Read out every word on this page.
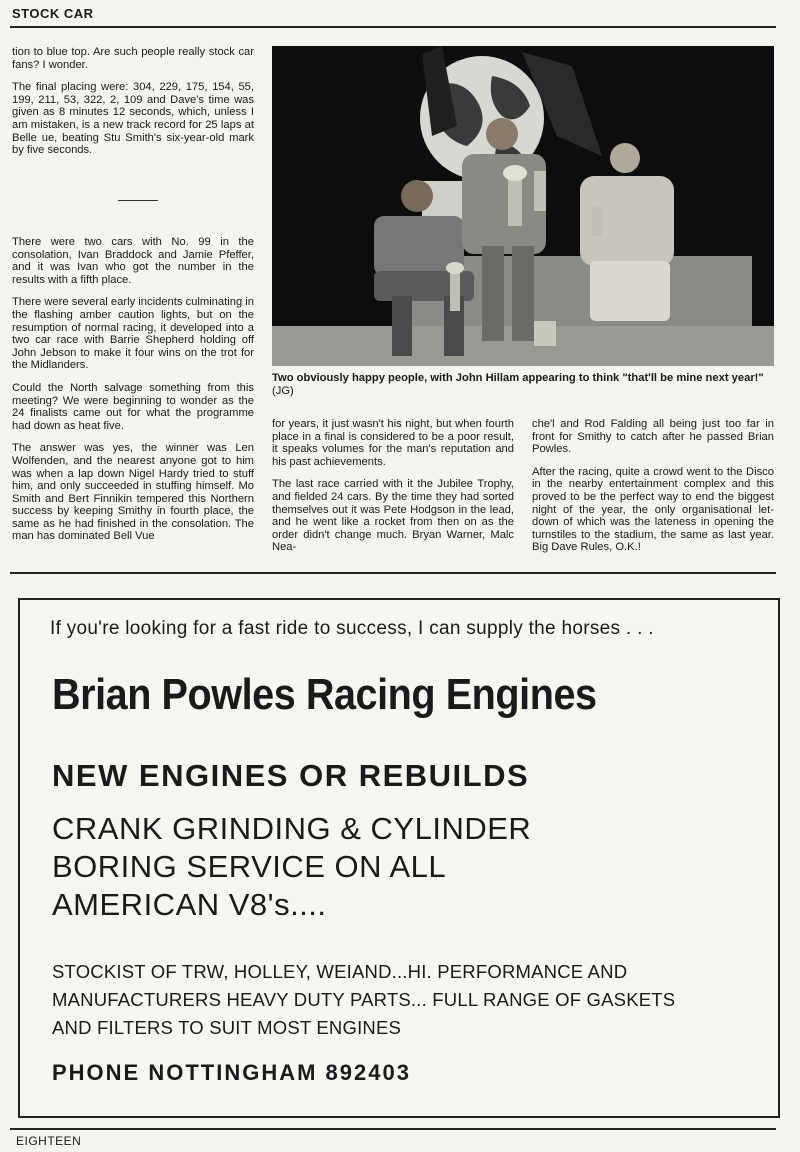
STOCK CAR

tion to blue top. Are such people really stock car fans? I wonder.

The final placing were: 304, 229, 175, 154, 55, 199, 211, 53, 322, 2, 109 and Dave's time was given as 8 minutes 12 seconds, which, unless I am mistaken, is a new track record for 25 laps at Belle ue, beating Stu Smith's six-year-old mark by five seconds.

There were two cars with No. 99 in the consolation, Ivan Braddock and Jamie Pfeffer, and it was Ivan who got the number in the results with a fifth place.

There were several early incidents culminating in the flashing amber caution lights, but on the resumption of normal racing, it developed into a two car race with Barrie Shepherd holding off John Jebson to make it four wins on the trot for the Midlanders.

Could the North salvage something from this meeting? We were beginning to wonder as the 24 finalists came out for what the programme had down as heat five.

The answer was yes, the winner was Len Wolfenden, and the nearest anyone got to him was when a lap down Nigel Hardy tried to stuff him, and only succeeded in stuffing himself. Mo Smith and Bert Finnikin tempered this Northern success by keeping Smithy in fourth place, the same as he had finished in the consolation. The man has dominated Bell Vue

Two obviously happy people, with John Hillam appearing to think "that'll be mine next year!" (JG)

for years, it just wasn't his night, but when fourth place in a final is considered to be a poor result, it speaks volumes for the man's reputation and his past achievements.

The last race carried with it the Jubilee Trophy, and fielded 24 cars. By the time they had sorted themselves out it was Pete Hodgson in the lead, and he went like a rocket from then on as the order didn't change much. Bryan Warner, Malc Nea-

che'l and Rod Falding all being just too far in front for Smithy to catch after he passed Brian Powles.

After the racing, quite a crowd went to the Disco in the nearby entertainment complex and this proved to be the perfect way to end the biggest night of the year, the only organisational let-down of which was the lateness in opening the turnstiles to the stadium, the same as last year. Big Dave Rules, O.K.!

If you're looking for a fast ride to success, I can supply the horses . . .
Brian Powles Racing Engines
NEW ENGINES OR REBUILDS
CRANK GRINDING & CYLINDER
BORING SERVICE ON ALL
AMERICAN V8's....
STOCKIST OF TRW, HOLLEY, WEIAND...HI. PERFORMANCE AND
MANUFACTURERS HEAVY DUTY PARTS... FULL RANGE OF GASKETS
AND FILTERS TO SUIT MOST ENGINES
PHONE NOTTINGHAM 892403
EIGHTEEN
